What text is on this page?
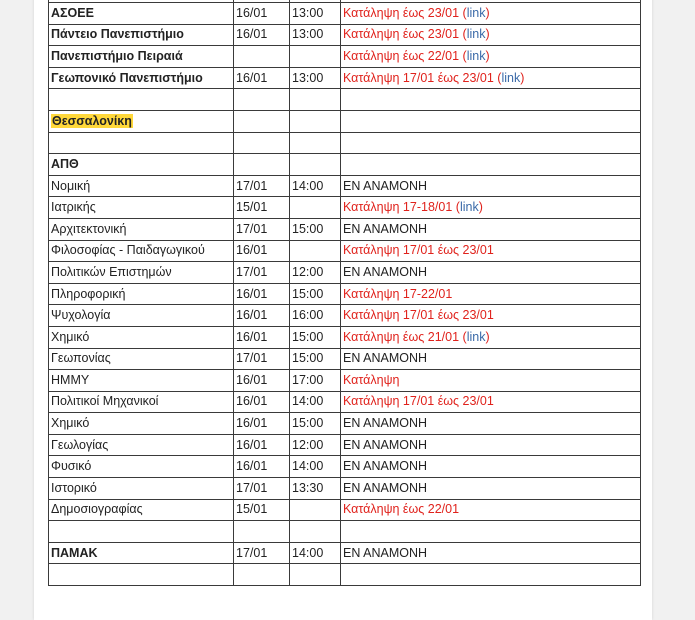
ΑΣΟΕΕ	16/01	13:00	Κατάληψη έως 23/01 (link)
Πάντειο Πανεπιστήμιο	16/01	13:00	Κατάληψη έως 23/01 (link)
Πανεπιστήμιο Πειραιά			Κατάληψη έως 22/01 (link)
Γεωπονικό Πανεπιστήμιο	16/01	13:00	Κατάληψη 17/01 έως 23/01 (link)

Θεσσαλονίκη			

ΑΠΘ			
Νομική	17/01	14:00	ΕΝ ΑΝΑΜΟΝΗ
Ιατρικής	15/01		Κατάληψη 17-18/01 (link)
Αρχιτεκτονική	17/01	15:00	ΕΝ ΑΝΑΜΟΝΗ
Φιλοσοφίας - Παιδαγωγικού	16/01		Κατάληψη 17/01 έως 23/01
Πολιτικών Επιστημών	17/01	12:00	ΕΝ ΑΝΑΜΟΝΗ
Πληροφορική	16/01	15:00	Κατάληψη 17-22/01
Ψυχολογία	16/01	16:00	Κατάληψη 17/01 έως 23/01
Χημικό	16/01	15:00	Κατάληψη έως 21/01 (link)
Γεωπονίας	17/01	15:00	ΕΝ ΑΝΑΜΟΝΗ
ΗΜΜΥ	16/01	17:00	Κατάληψη
Πολιτικοί Μηχανικοί	16/01	14:00	Κατάληψη 17/01 έως 23/01
Χημικό	16/01	15:00	ΕΝ ΑΝΑΜΟΝΗ
Γεωλογίας	16/01	12:00	ΕΝ ΑΝΑΜΟΝΗ
Φυσικό	16/01	14:00	ΕΝ ΑΝΑΜΟΝΗ
Ιστορικό	17/01	13:30	ΕΝ ΑΝΑΜΟΝΗ
Δημοσιογραφίας	15/01		Κατάληψη έως 22/01

ΠΑΜΑΚ	17/01	14:00	ΕΝ ΑΝΑΜΟΝΗ
